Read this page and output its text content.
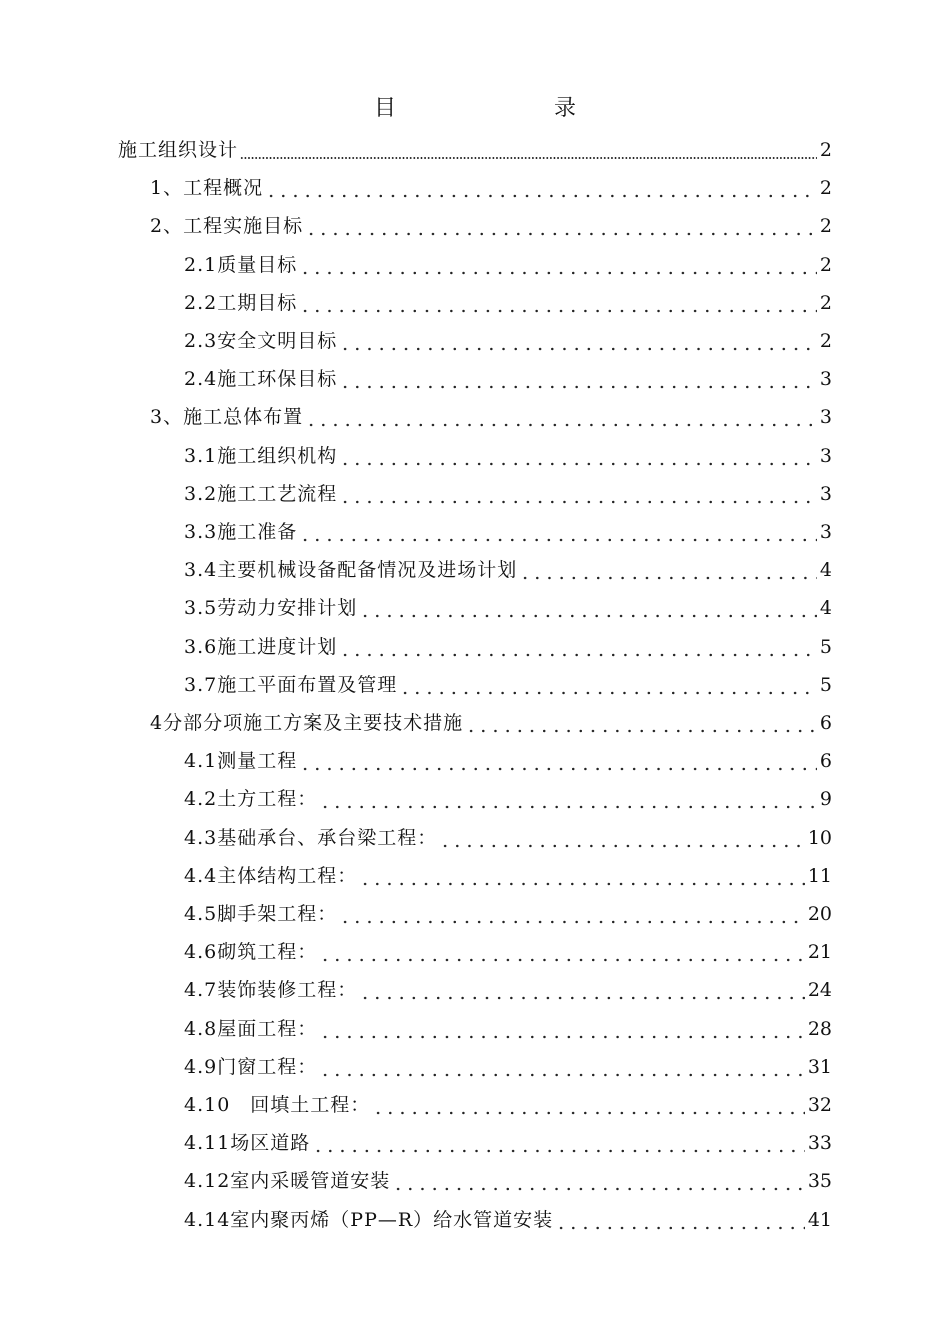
目　　录
施工组织设计	2
1、工程概况	2
2、工程实施目标	2
2.1质量目标	2
2.2工期目标	2
2.3安全文明目标	2
2.4施工环保目标	3
3、施工总体布置	3
3.1施工组织机构	3
3.2施工工艺流程	3
3.3施工准备	3
3.4主要机械设备配备情况及进场计划	4
3.5劳动力安排计划	4
3.6施工进度计划	5
3.7施工平面布置及管理	5
4分部分项施工方案及主要技术措施	6
4.1测量工程	6
4.2土方工程：	9
4.3基础承台、承台梁工程：	10
4.4主体结构工程：	11
4.5脚手架工程：	20
4.6砌筑工程：	21
4.7装饰装修工程：	24
4.8屋面工程：	28
4.9门窗工程：	31
4.10　回填土工程：	32
4.11场区道路	33
4.12室内采暖管道安装	35
4.14室内聚丙烯（PP—R）给水管道安装	41
